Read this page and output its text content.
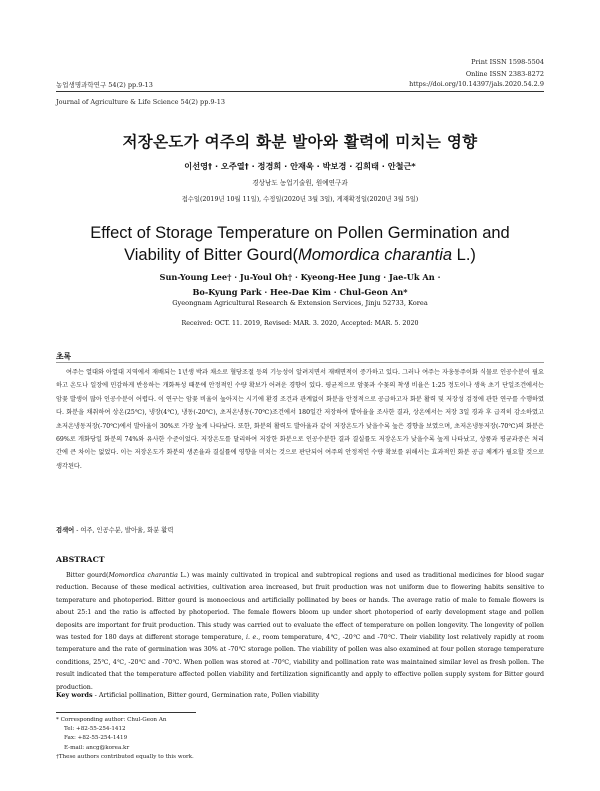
Print ISSN 1598-5504
Online ISSN 2383-8272
https://doi.org/10.14397/jals.2020.54.2.9
농업생명과학연구 54(2) pp.9-13
Journal of Agriculture & Life Science 54(2) pp.9-13
저장온도가 여주의 화분 발아와 활력에 미치는 영향
이선영† · 오주열† · 정경희 · 안재욱 · 박보경 · 김희태 · 안철근*
경상남도 농업기술원, 원예연구과
접수일(2019년 10월 11일), 수정일(2020년 3월 3일), 게재확정일(2020년 3월 5일)
Effect of Storage Temperature on Pollen Germination and
Viability of Bitter Gourd(Momordica charantia L.)
Sun-Young Lee† · Ju-Youl Oh† · Kyeong-Hee Jung · Jae-Uk An ·
Bo-Kyung Park · Hee-Dae Kim · Chul-Geon An*
Gyeongnam Agricultural Research & Extension Services, Jinju 52733, Korea
Received: OCT. 11. 2019, Revised: MAR. 3. 2020, Accepted: MAR. 5. 2020
초록
여주는 열대와 아열대 지역에서 재배되는 1년생 박과 채소로 혈당조절 등의 기능성이 알려지면서 재배면적이 증가하고 있다. 그러나 여주는 자웅동주이화 식물로 인공수분이 필요하고 온도나 일장에 민감하게 반응하는 개화특성 때문에 안정적인 수량 확보가 어려운 경향이 있다. 평균적으로 암꽃과 수꽃의 착생 비율은 1:25 정도이나 생육 초기 단일조건에서는 암꽃 발생이 많아 인공수분이 어렵다. 이 연구는 암꽃 비율이 높아지는 시기에 환경 조건과 관계없이 화분을 안정적으로 공급하고자 화분 활력 및 저장성 검정에 관한 연구를 수행하였다. 화분을 채취하여 상온(25℃), 냉장(4℃), 냉동(-20℃), 초저온냉동(-70℃)조건에서 180일간 저장하여 발아율을 조사한 결과, 상온에서는 저장 3일 경과 후 급격히 감소하였고 초저온냉동저장(-70℃)에서 발아율이 30%로 가장 높게 나타났다. 또한, 화분의 활력도 발아율과 같이 저장온도가 낮을수록 높은 경향을 보였으며, 초저온냉동저장(-70℃)의 화분은 69%로 개화당일 화분의 74%와 유사한 수준이었다. 저장온도를 달리하여 저장한 화분으로 인공수분한 결과 결실률도 저장온도가 낮을수록 높게 나타났고, 상품과 평균과중은 처리 간에 큰 차이는 없었다. 이는 저장온도가 화분의 생존율과 결실률에 영향을 미치는 것으로 판단되어 여주의 안정적인 수량 확보를 위해서는 효과적인 화분 공급 체계가 필요할 것으로 생각된다.
검색어 - 여주, 인공수분, 발아율, 화분 활력
ABSTRACT
Bitter gourd(Momordica charantia L.) was mainly cultivated in tropical and subtropical regions and used as traditional medicines for blood sugar reduction. Because of these medical activities, cultivation area increased, but fruit production was not uniform due to flowering habits sensitive to temperature and photoperiod. Bitter gourd is monoecious and artificially pollinated by bees or hands. The average ratio of male to female flowers is about 25:1 and the ratio is affected by photoperiod. The female flowers bloom up under short photoperiod of early development stage and pollen deposits are important for fruit production. This study was carried out to evaluate the effect of temperature on pollen longevity. The longevity of pollen was tested for 180 days at different storage temperature, i. e., room temperature, 4℃, -20℃ and -70℃. Their viability lost relatively rapidly at room temperature and the rate of germination was 30% at -70℃ storage pollen. The viability of pollen was also examined at four pollen storage temperature conditions, 25℃, 4℃, -20℃ and -70℃. When pollen was stored at -70℃, viability and pollination rate was maintained similar level as fresh pollen. The result indicated that the temperature affected pollen viability and fertilization significantly and apply to effective pollen supply system for Bitter gourd production.
Key words - Artificial pollination, Bitter gourd, Germination rate, Pollen viability
* Corresponding author: Chul-Geon An
Tel: +82-55-254-1412
Fax: +82-55-254-1419
E-mail: ancg@korea.kr
†These authors contributed equally to this work.
